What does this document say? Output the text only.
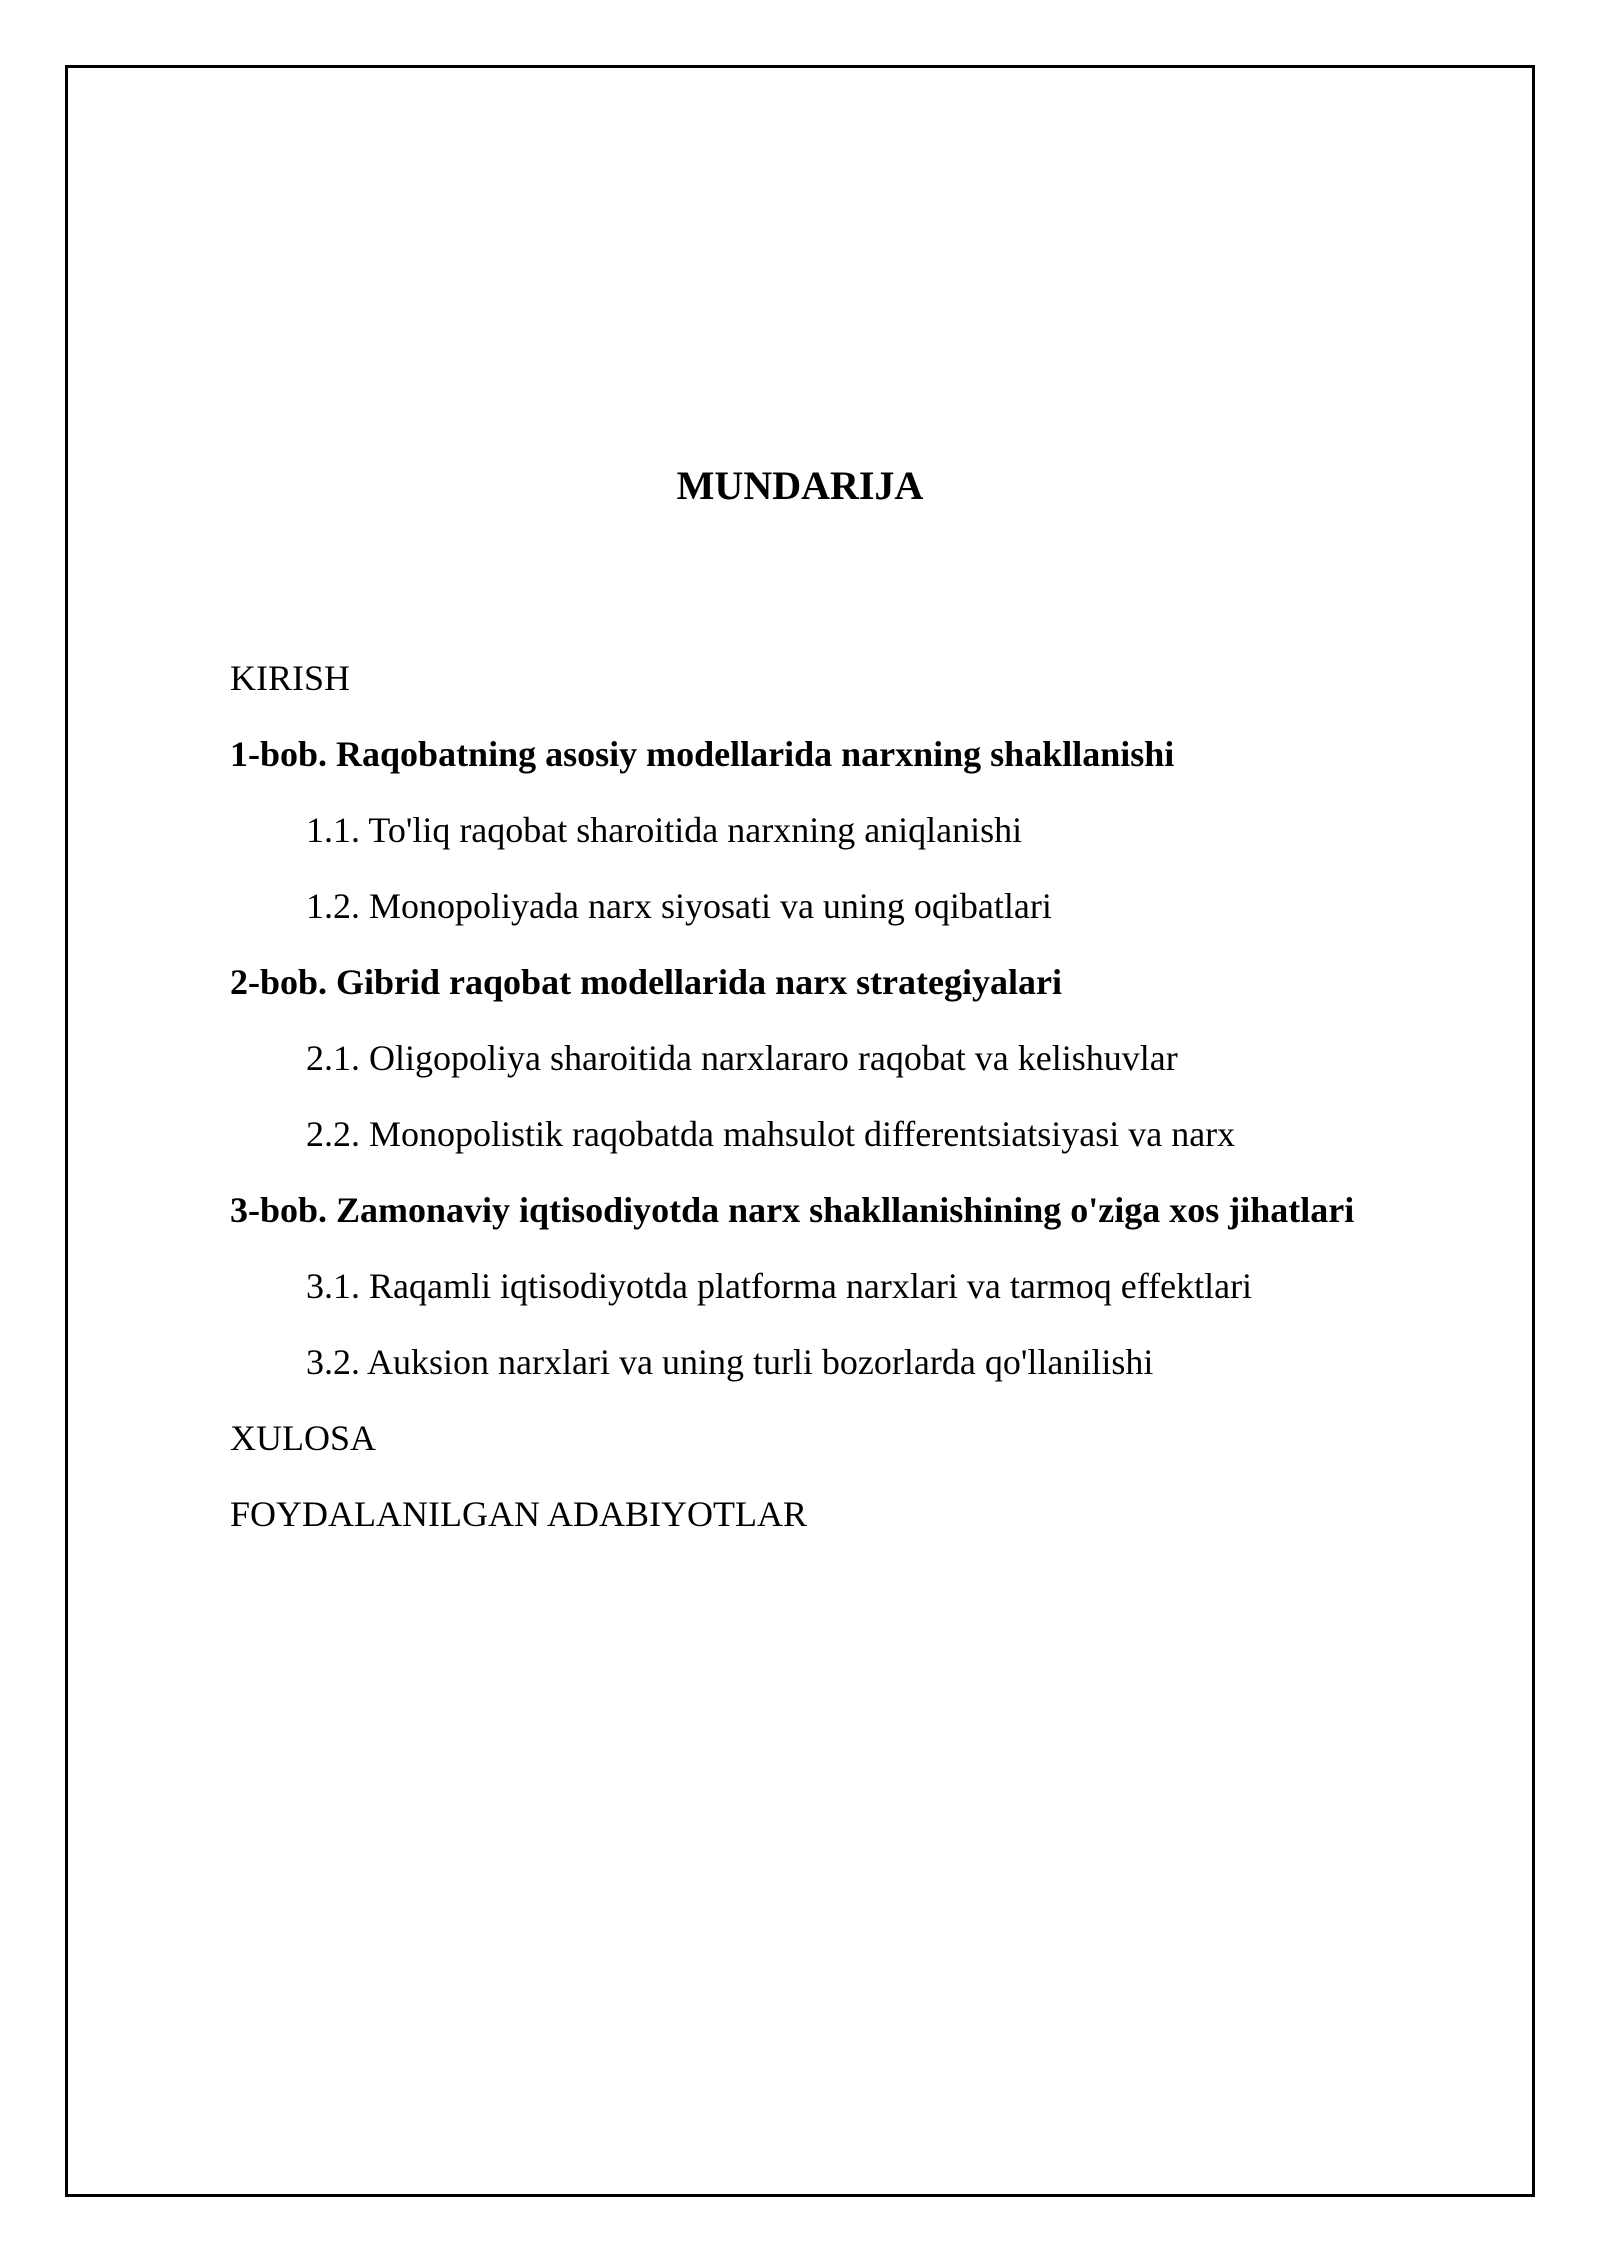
MUNDARIJA
KIRISH
1-bob. Raqobatning asosiy modellarida narxning shakllanishi
1.1. To'liq raqobat sharoitida narxning aniqlanishi
1.2. Monopoliyada narx siyosati va uning oqibatlari
2-bob. Gibrid raqobat modellarida narx strategiyalari
2.1. Oligopoliya sharoitida narxlararo raqobat va kelishuvlar
2.2. Monopolistik raqobatda mahsulot differentsiatsiyasi va narx
3-bob. Zamonaviy iqtisodiyotda narx shakllanishining o'ziga xos jihatlari
3.1. Raqamli iqtisodiyotda platforma narxlari va tarmoq effektlari
3.2. Auksion narxlari va uning turli bozorlarda qo'llanilishi
XULOSA
FOYDALANILGAN ADABIYOTLAR
